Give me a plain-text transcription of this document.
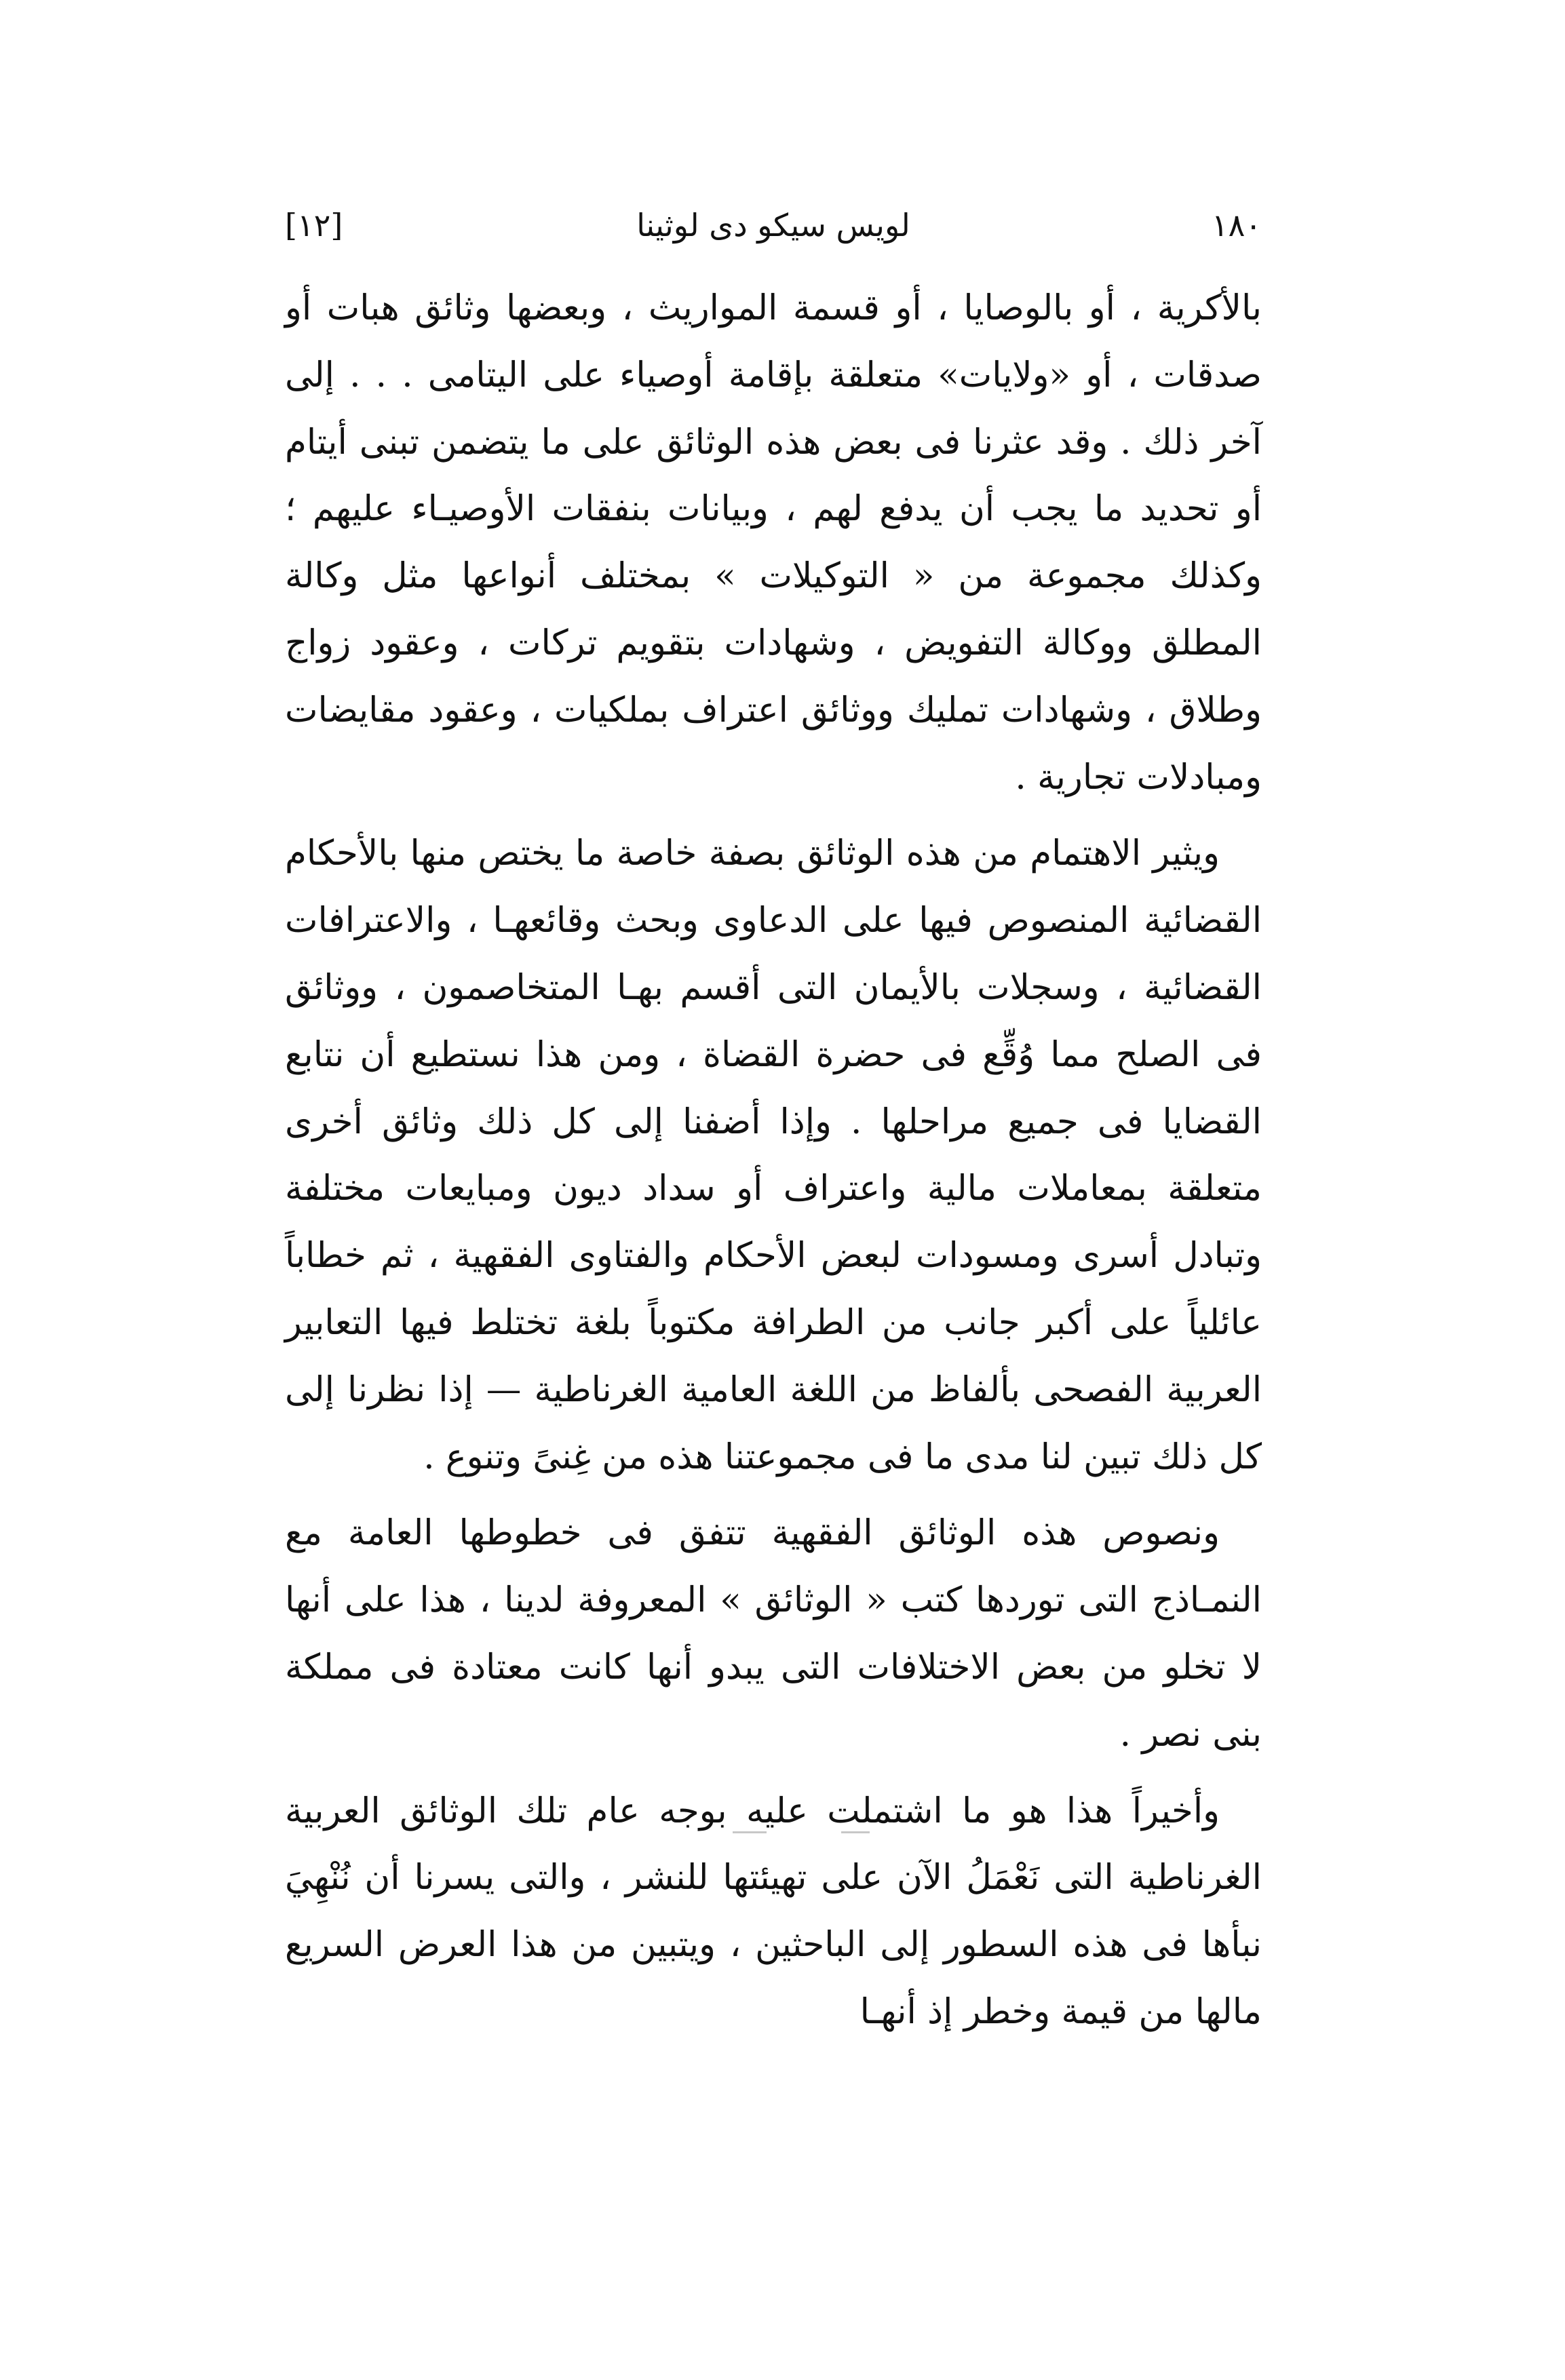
١٨٠
لويس سيكو دى لوثينا
[١٢]

بالأكرية ، أو بالوصايا ، أو قسمة المواريث ، وبعضها وثائق هبات أو صدقات ، أو «ولايات» متعلقة بإقامة أوصياء على اليتامى . . . إلى آخر ذلك . وقد عثرنا فى بعض هذه الوثائق على ما يتضمن تبنى أيتام أو تحديد ما يجب أن يدفع لهم ، وبيانات بنفقات الأوصيـاء عليهم ؛ وكذلك مجموعة من « التوكيلات » بمختلف أنواعها مثل وكالة المطلق ووكالة التفويض ، وشهادات بتقويم تركات ، وعقود زواج وطلاق ، وشهادات تمليك ووثائق اعتراف بملكيات ، وعقود مقايضات ومبادلات تجارية .

ويثير الاهتمام من هذه الوثائق بصفة خاصة ما يختص منها بالأحكام القضائية المنصوص فيها على الدعاوى وبحث وقائعهـا ، والاعترافات القضائية ، وسجلات بالأيمان التى أقسم بهـا المتخاصمون ، ووثائق فى الصلح مما وُقِّع فى حضرة القضاة ، ومن هذا نستطيع أن نتابع القضايا فى جميع مراحلها . وإذا أضفنا إلى كل ذلك وثائق أخرى متعلقة بمعاملات مالية واعتراف أو سداد ديون ومبايعات مختلفة وتبادل أسرى ومسودات لبعض الأحكام والفتاوى الفقهية ، ثم خطاباً عائلياً على أكبر جانب من الطرافة مكتوباً بلغة تختلط فيها التعابير العربية الفصحى بألفاظ من اللغة العامية الغرناطية — إذا نظرنا إلى كل ذلك تبين لنا مدى ما فى مجموعتنا هذه من غِنىً وتنوع .

ونصوص هذه الوثائق الفقهية تتفق فى خطوطها العامة مع النمـاذج التى توردها كتب « الوثائق » المعروفة لدينا ، هذا على أنها لا تخلو من بعض الاختلافات التى يبدو أنها كانت معتادة فى مملكة بنى نصر .

وأخيراً هذا هو ما اشتملت عليه بوجه عام تلك الوثائق العربية الغرناطية التى نَعْمَلُ الآن على تهيئتها للنشر ، والتى يسرنا أن نُنْهِيَ نبأها فى هذه السطور إلى الباحثين ، ويتبين من هذا العرض السريع مالها من قيمة وخطر إذ أنهـا
